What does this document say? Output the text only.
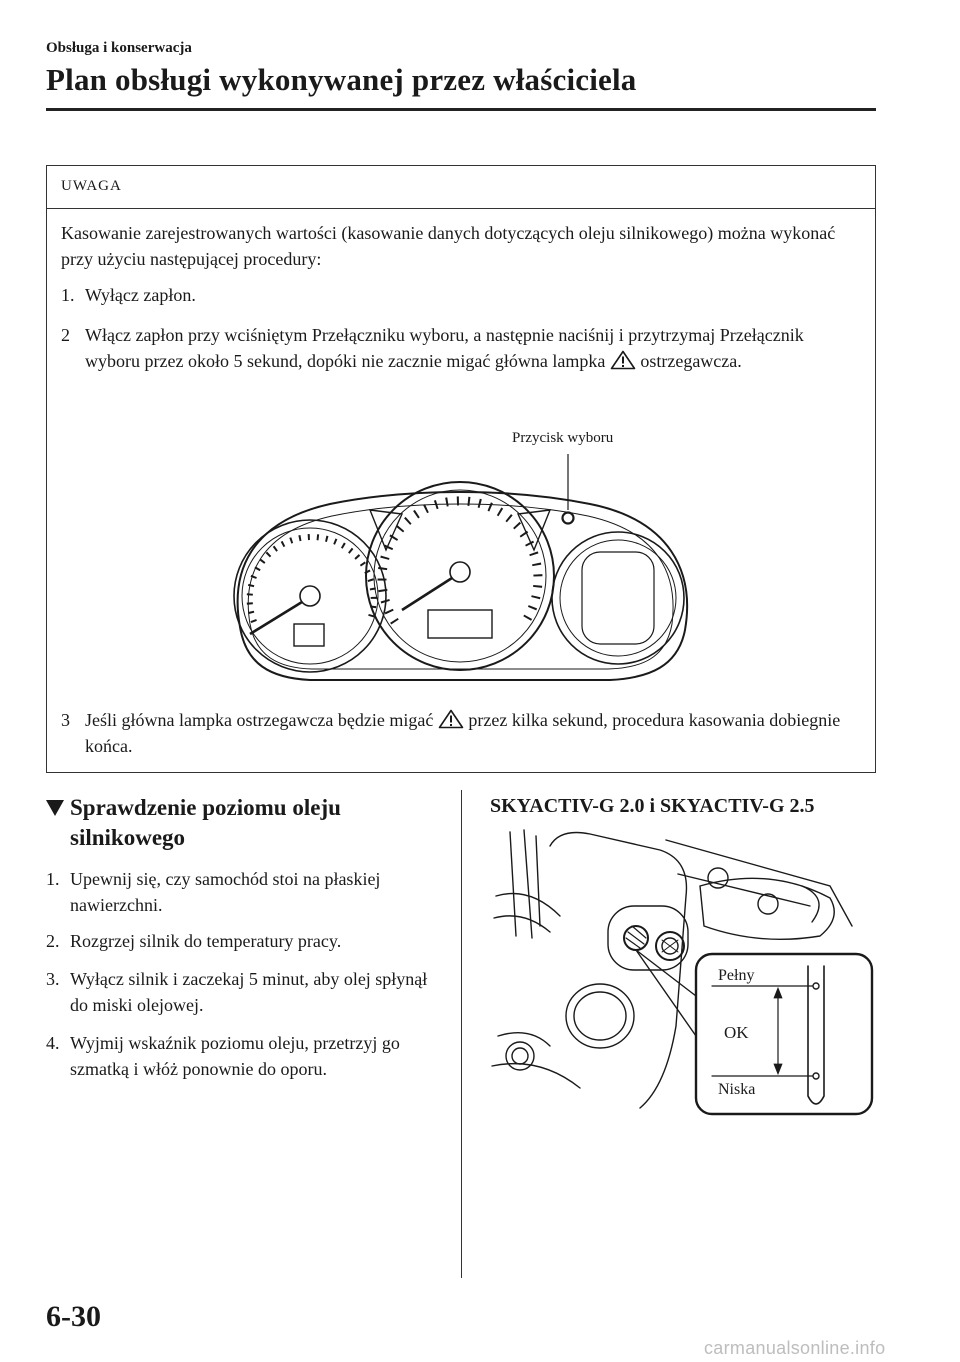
Obsługa i konserwacja
Plan obsługi wykonywanej przez właściciela
UWAGA
Kasowanie zarejestrowanych wartości (kasowanie danych dotyczących oleju silnikowego) można wykonać przy użyciu następującej procedury:
1. Wyłącz zapłon.
2 Włącz zapłon przy wciśniętym Przełączniku wyboru, a następnie naciśnij i przytrzymaj Przełącznik wyboru przez około 5 sekund, dopóki nie zacznie migać główna lampka ostrzegawcza.
3 Jeśli główna lampka ostrzegawcza będzie migać przez kilka sekund, procedura kasowania dobiegnie końca.
Przycisk wyboru
Sprawdzenie poziomu oleju silnikowego
1. Upewnij się, czy samochód stoi na płaskiej nawierzchni.
2. Rozgrzej silnik do temperatury pracy.
3. Wyłącz silnik i zaczekaj 5 minut, aby olej spłynął do miski olejowej.
4. Wyjmij wskaźnik poziomu oleju, przetrzyj go szmatką i włóż ponownie do oporu.
SKYACTIV-G 2.0 i SKYACTIV-G 2.5
Pełny
OK
Niska
6-30
carmanualsonline.info
